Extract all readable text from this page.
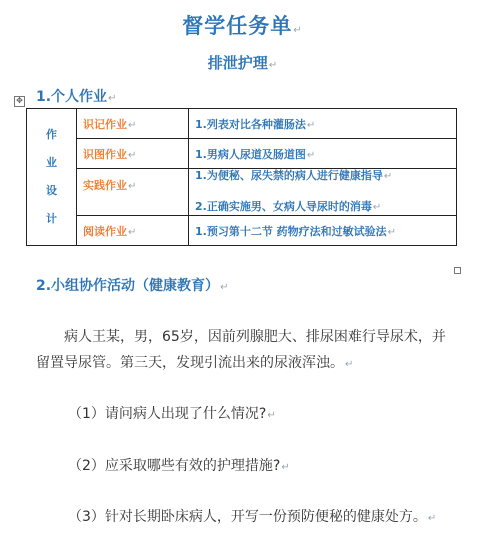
督学任务单↵
排泄护理↵
✥ 1.个人作业↵
作
业
设
计	识记作业↵	1.列表对比各种灌肠法↵
	识图作业↵	1.男病人尿道及肠道图↵

	实践作业↵	1.为便秘、尿失禁的病人进行健康指导↵
2.正确实施男、女病人导尿时的消毒↵

	阅读作业↵	1.预习第十二节 药物疗法和过敏试验法↵
2.小组协作活动（健康教育）↵
病人王某，男，65岁，因前列腺肥大、排尿困难行导尿术，并留置导尿管。第三天，发现引流出来的尿液浑浊。↵
（1）请问病人出现了什么情况?↵
（2）应采取哪些有效的护理措施?↵
（3）针对长期卧床病人，开写一份预防便秘的健康处方。↵
